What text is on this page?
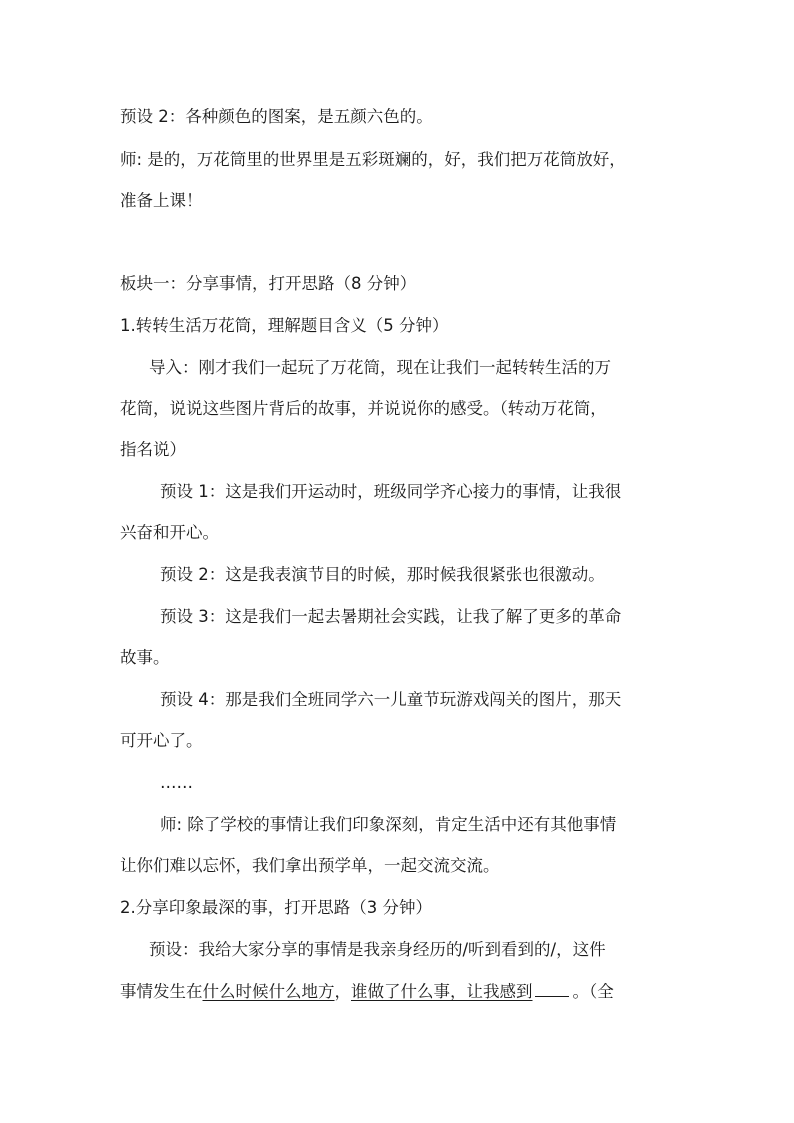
预设 2：各种颜色的图案，是五颜六色的。
师: 是的，万花筒里的世界里是五彩斑斓的，好，我们把万花筒放好，
准备上课！
板块一：分享事情，打开思路（8 分钟）
1.转转生活万花筒，理解题目含义（5 分钟）
导入：刚才我们一起玩了万花筒，现在让我们一起转转生活的万
花筒，说说这些图片背后的故事，并说说你的感受。（转动万花筒，
指名说）
预设 1：这是我们开运动时，班级同学齐心接力的事情，让我很
兴奋和开心。
预设 2：这是我表演节目的时候，那时候我很紧张也很激动。
预设 3：这是我们一起去暑期社会实践，让我了解了更多的革命
故事。
预设 4：那是我们全班同学六一儿童节玩游戏闯关的图片，那天
可开心了。
……
师: 除了学校的事情让我们印象深刻，肯定生活中还有其他事情
让你们难以忘怀，我们拿出预学单，一起交流交流。
2.分享印象最深的事，打开思路（3 分钟）
预设：我给大家分享的事情是我亲身经历的/听到看到的/，这件
事情发生在什么时候什么地方，谁做了什么事，让我感到 。（全
